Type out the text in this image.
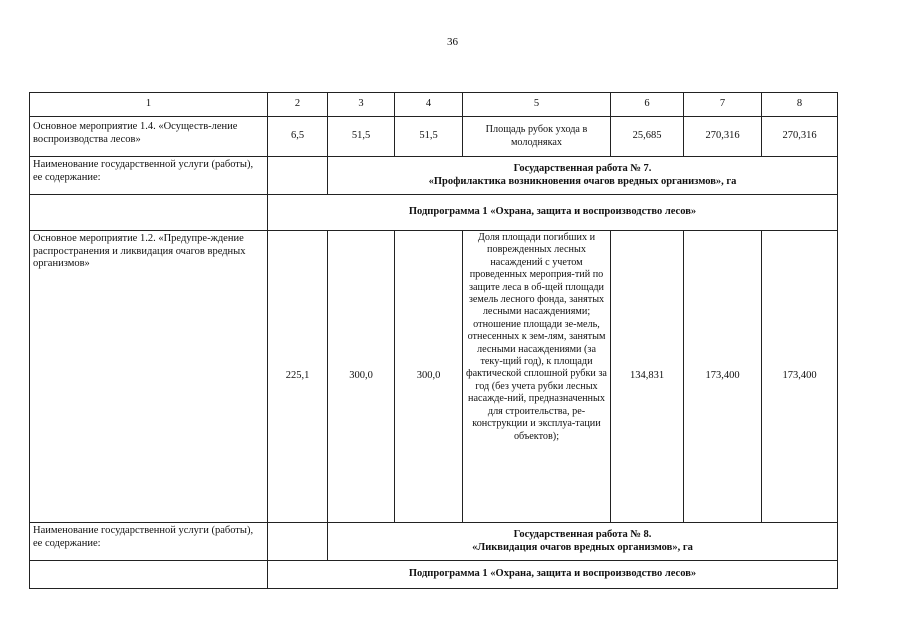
36
1	2	3	4	5	6	7	8
Основное мероприятие 1.4. «Осуществ-ление воспроизводства лесов»	6,5	51,5	51,5	Площадь рубок ухода в молодняках	25,685	270,316	270,316
Наименование государственной услуги (работы), ее содержание:		Государственная работа № 7.
«Профилактика возникновения очагов вредных организмов», га					

	Подпрограмма 1 «Охрана, защита и воспроизводство лесов»						
Основное мероприятие 1.2. «Предупре-ждение распространения и ликвидация очагов вредных организмов»	225,1	300,0	300,0	Доля площади погибших и поврежденных лесных насаждений с учетом проведенных мероприя-тий по защите леса в об-щей площади земель лесного фонда, занятых лесными насаждениями; отношение площади зе-мель, отнесенных к зем-лям, занятым лесными насаждениями (за теку-щий год), к площади фактической сплошной рубки за год (без учета рубки лесных насажде-ний, предназначенных для строительства, ре-конструкции и эксплуа-тации объектов);	134,831	173,400	173,400
Наименование государственной услуги (работы), ее содержание:		Государственная работа № 8.
«Ликвидация очагов вредных организмов», га					

	Подпрограмма 1 «Охрана, защита и воспроизводство лесов»						
